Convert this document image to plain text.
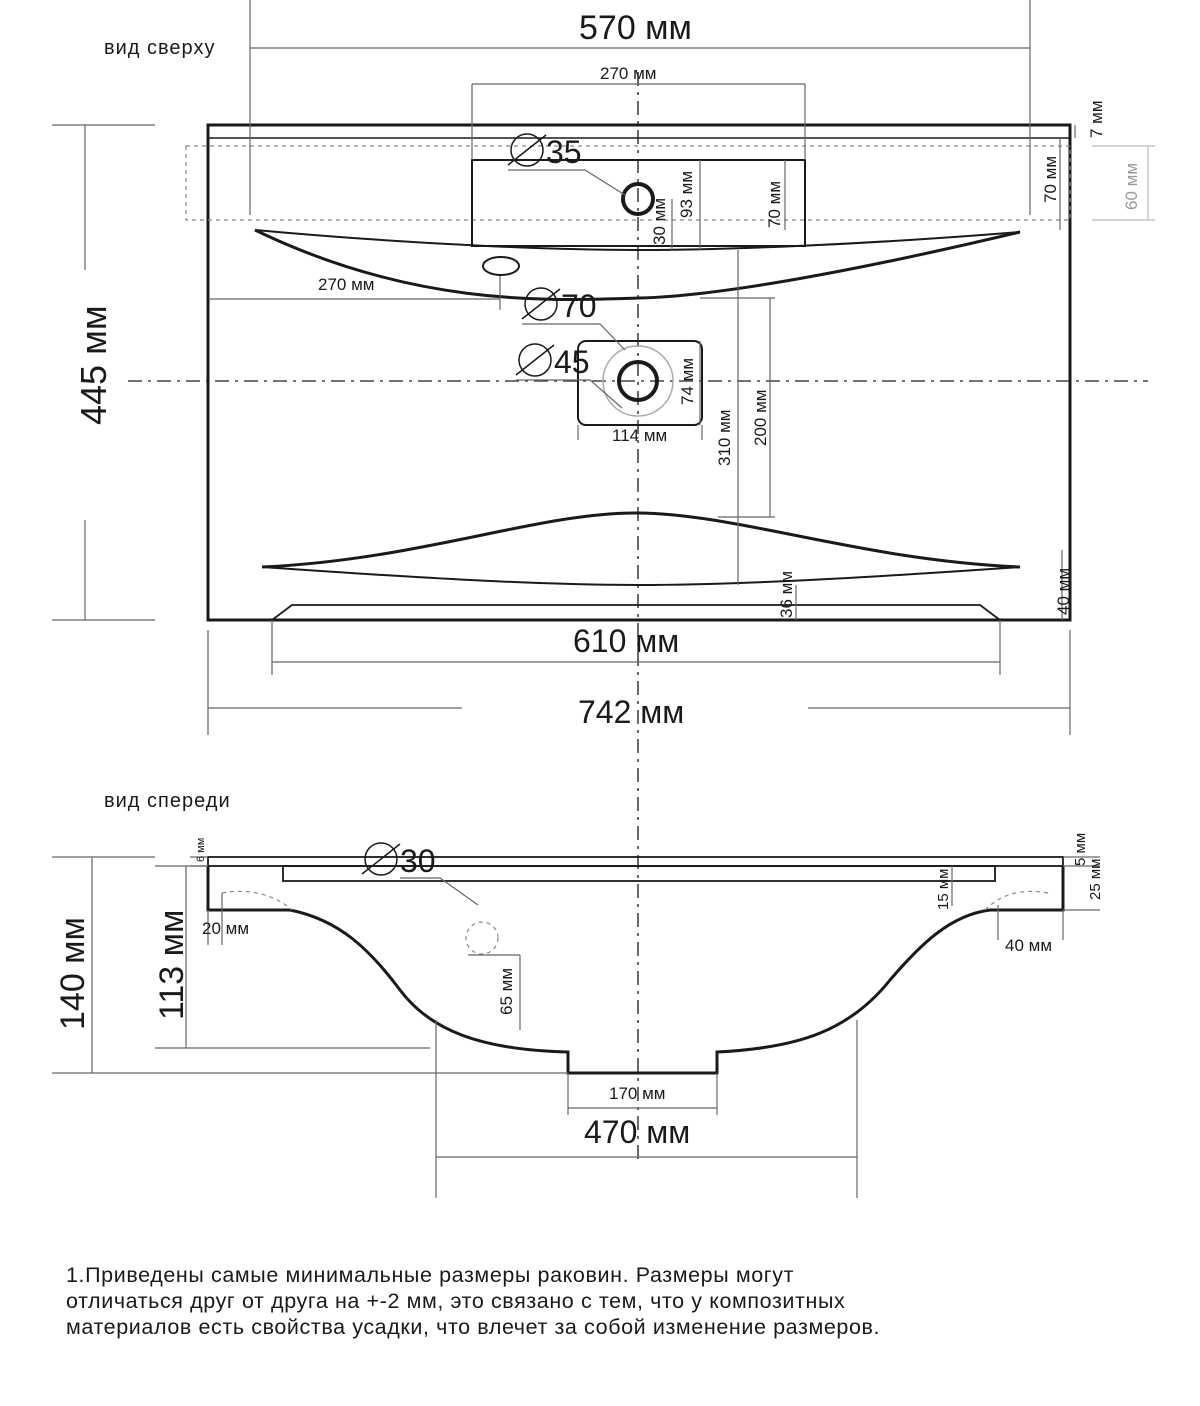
вид сверху
570 мм
270 мм
7 мм
70 мм	60 мм
93 мм	70 мм
30 мм
35
270 мм
70
45	74 мм
114 мм	200 мм
310 мм
36 мм	40 мм
445 мм
610 мм
742 мм
вид спереди
30
6 мм
20 мм
5 мм
25 мм
15 мм
40 мм
65 мм
140 мм 113 мм
170 мм
470 мм
1.Приведены самые минимальные размеры раковин. Размеры могут
отличаться друг от друга на +-2 мм, это связано с тем, что у композитных
материалов есть свойства усадки, что влечет за собой изменение размеров.
